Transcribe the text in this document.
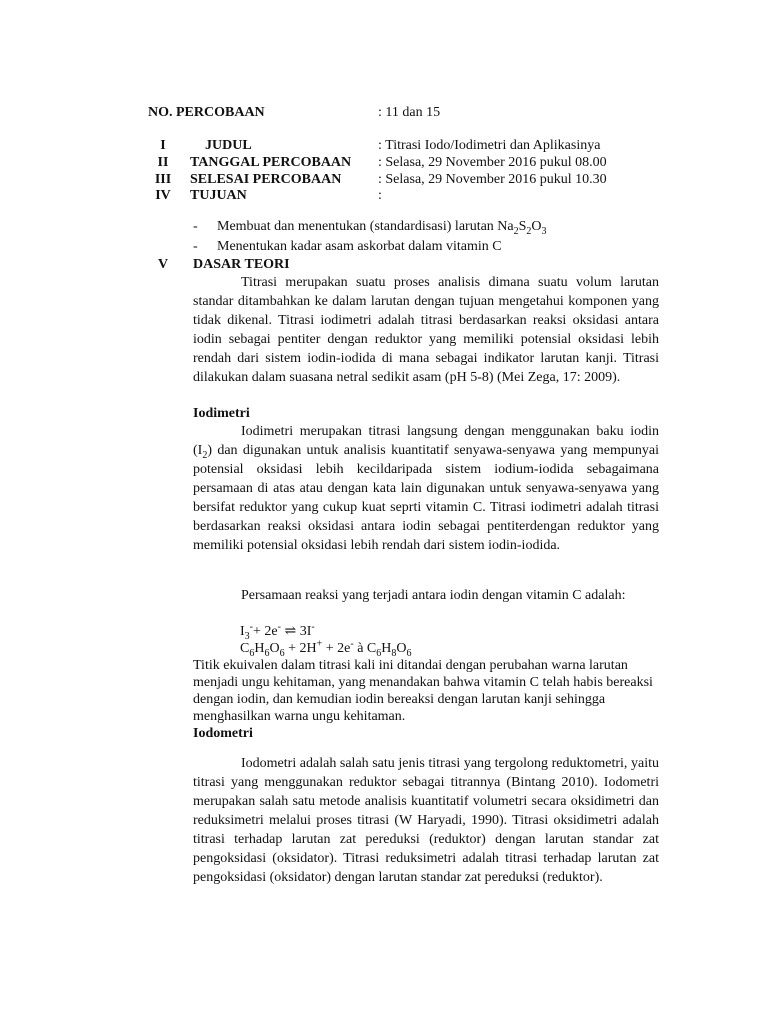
NO. PERCOBAAN	: 11 dan 15
I	JUDUL	: Titrasi Iodo/Iodimetri dan Aplikasinya
II	TANGGAL PERCOBAAN : Selasa, 29 November 2016 pukul 08.00
III	SELESAI PERCOBAAN	: Selasa, 29 November 2016 pukul 10.30
IV	TUJUAN	:
- Membuat dan menentukan (standardisasi) larutan $Na_2S_2O_3$
- Menentukan kadar asam askorbat dalam vitamin C
V DASAR TEORI

Titrasi merupakan suatu proses analisis dimana suatu volum larutan standar ditambahkan ke dalam larutan dengan tujuan mengetahui komponen yang tidak dikenal. Titrasi iodimetri adalah titrasi berdasarkan reaksi oksidasi antara iodin sebagai pentiter dengan reduktor yang memiliki potensial oksidasi lebih rendah dari sistem iodin-iodida di mana sebagai indikator larutan kanji. Titrasi dilakukan dalam suasana netral sedikit asam (pH 5-8) (Mei Zega, 17: 2009).

Iodimetri

Iodimetri merupakan titrasi langsung dengan menggunakan baku iodin $(I_2)$ dan digunakan untuk analisis kuantitatif senyawa-senyawa yang mempunyai potensial oksidasi lebih kecildaripada sistem iodium-iodida sebagaimana persamaan di atas atau dengan kata lain digunakan untuk senyawa-senyawa yang bersifat reduktor yang cukup kuat seprti vitamin C. Titrasi iodimetri adalah titrasi berdasarkan reaksi oksidasi antara iodin sebagai pentiterdengan reduktor yang memiliki potensial oksidasi lebih rendah dari sistem iodin-iodida.

Persamaan reaksi yang terjadi antara iodin dengan vitamin C adalah:

$I_3^-+ 2e^-$ ⇌ 3I-
$C_6H_6O_6 + 2H^+ + 2e^-$ à $C_6H_8O_6$

Titik ekuivalen dalam titrasi kali ini ditandai dengan perubahan warna larutan menjadi ungu kehitaman, yang menandakan bahwa vitamin C telah habis bereaksi dengan iodin, dan kemudian iodin bereaksi dengan larutan kanji sehingga menghasilkan warna ungu kehitaman.

Iodometri

Iodometri adalah salah satu jenis titrasi yang tergolong reduktometri, yaitu titrasi yang menggunakan reduktor sebagai titrannya (Bintang 2010). Iodometri merupakan salah satu metode analisis kuantitatif volumetri secara oksidimetri dan reduksimetri melalui proses titrasi (W Haryadi, 1990). Titrasi oksidimetri adalah titrasi terhadap larutan zat pereduksi (reduktor) dengan larutan standar zat pengoksidasi (oksidator). Titrasi reduksimetri adalah titrasi terhadap larutan zat pengoksidasi (oksidator) dengan larutan standar zat pereduksi (reduktor).
